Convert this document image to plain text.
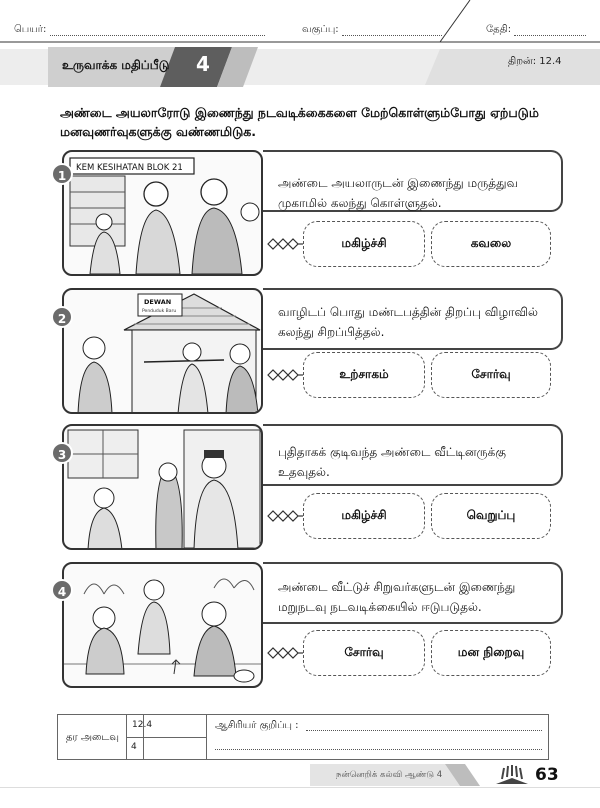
பெயர்:	வகுப்பு:	தேதி:
உருவாக்க மதிப்பீடு 4	திறன்: 12.4
அண்டை அயலாரோடு இணைந்து நடவடிக்கைகளை மேற்கொள்ளும்போது ஏற்படும் மனவுணர்வுகளுக்கு வண்ணமிடுக.
KEM KESIHATAN BLOK 21
1	அண்டை அயலாருடன் இணைந்து மருத்துவ
முகாமில் கலந்து கொள்ளுதல்.
மகிழ்ச்சி	கவலை
DEWAN
Penduduk Baru
2	வாழிடப் பொது மண்டபத்தின் திறப்பு விழாவில்
கலந்து சிறப்பித்தல்.
உற்சாகம்	சோர்வு
3	புதிதாகக் குடிவந்த அண்டை வீட்டினருக்கு
உதவுதல்.
மகிழ்ச்சி	வெறுப்பு
4	அண்டை வீட்டுச் சிறுவர்களுடன் இணைந்து
மறுநடவு நடவடிக்கையில் ஈடுபடுதல்.
சோர்வு	மன நிறைவு
தர அடைவு
12.4
4
ஆசிரியர் குறிப்பு :
நன்னெறிக் கல்வி ஆண்டு 4	63
